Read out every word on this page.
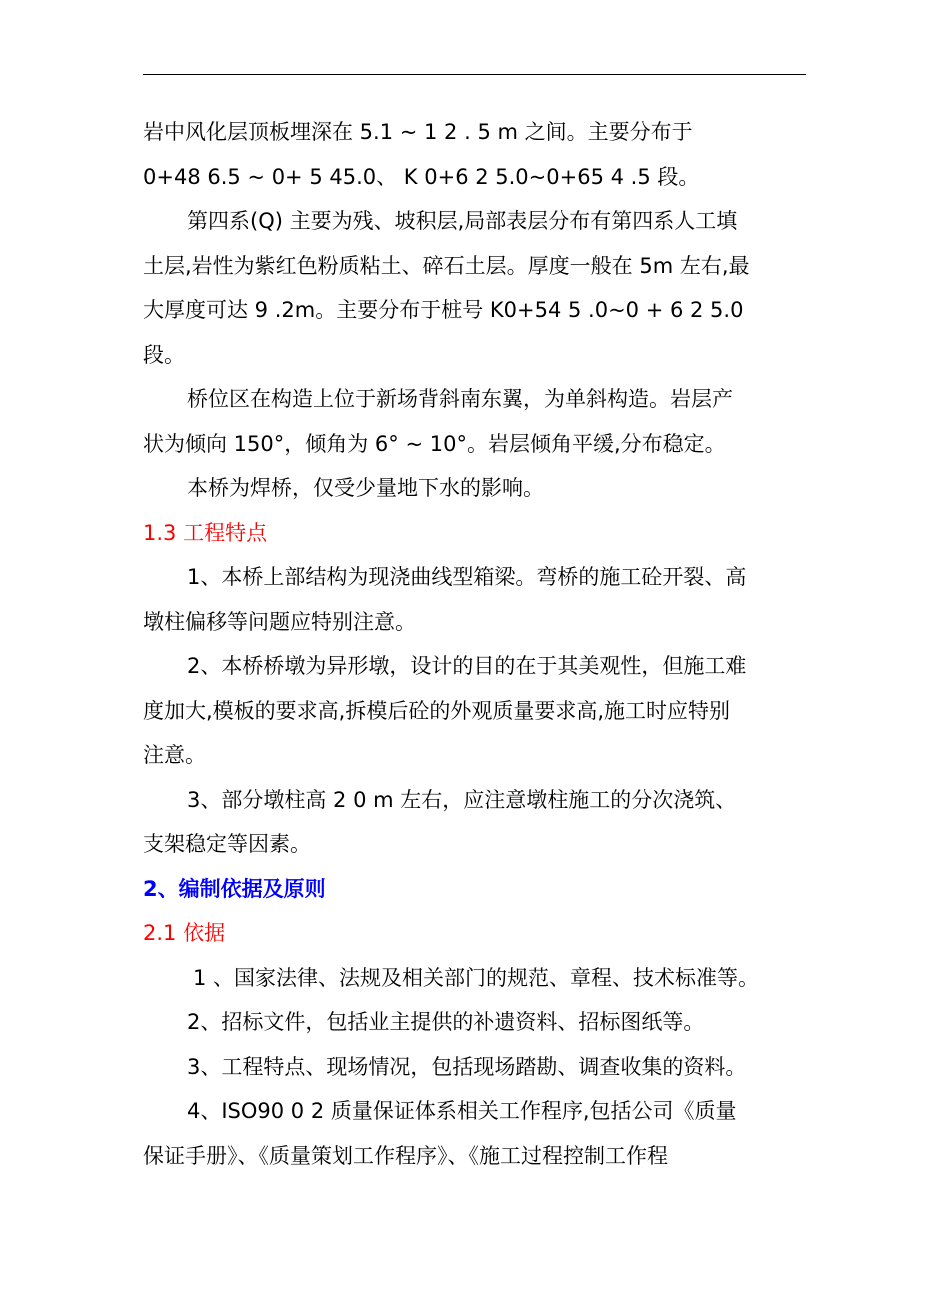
岩中风化层顶板埋深在 5.1 ~ 1 2 . 5 m 之间。主要分布于
0+48 6.5 ~ 0+ 5 45.0、 K 0+6 2 5.0~0+65 4 .5 段。
第四系(Q) 主要为残、坡积层,局部表层分布有第四系人工填
土层,岩性为紫红色粉质粘土、碎石土层。厚度一般在 5m 左右,最
大厚度可达 9 .2m。主要分布于桩号 K0+54 5 .0~0 + 6 2 5.0
段。
桥位区在构造上位于新场背斜南东翼，为单斜构造。岩层产
状为倾向 150°，倾角为 6° ~ 10°。岩层倾角平缓,分布稳定。
本桥为焊桥，仅受少量地下水的影响。
1.3 工程特点
1、本桥上部结构为现浇曲线型箱梁。弯桥的施工砼开裂、高
墩柱偏移等问题应特别注意。
2、本桥桥墩为异形墩，设计的目的在于其美观性，但施工难
度加大,模板的要求高,拆模后砼的外观质量要求高,施工时应特别
注意。
3、部分墩柱高 2 0 m 左右，应注意墩柱施工的分次浇筑、
支架稳定等因素。
2、编制依据及原则
2.1 依据
1 、国家法律、法规及相关部门的规范、章程、技术标准等。
2、招标文件，包括业主提供的补遗资料、招标图纸等。
3、工程特点、现场情况，包括现场踏勘、调查收集的资料。
4、ISO90 0 2 质量保证体系相关工作程序,包括公司《质量
保证手册》、《质量策划工作程序》、《施工过程控制工作程
